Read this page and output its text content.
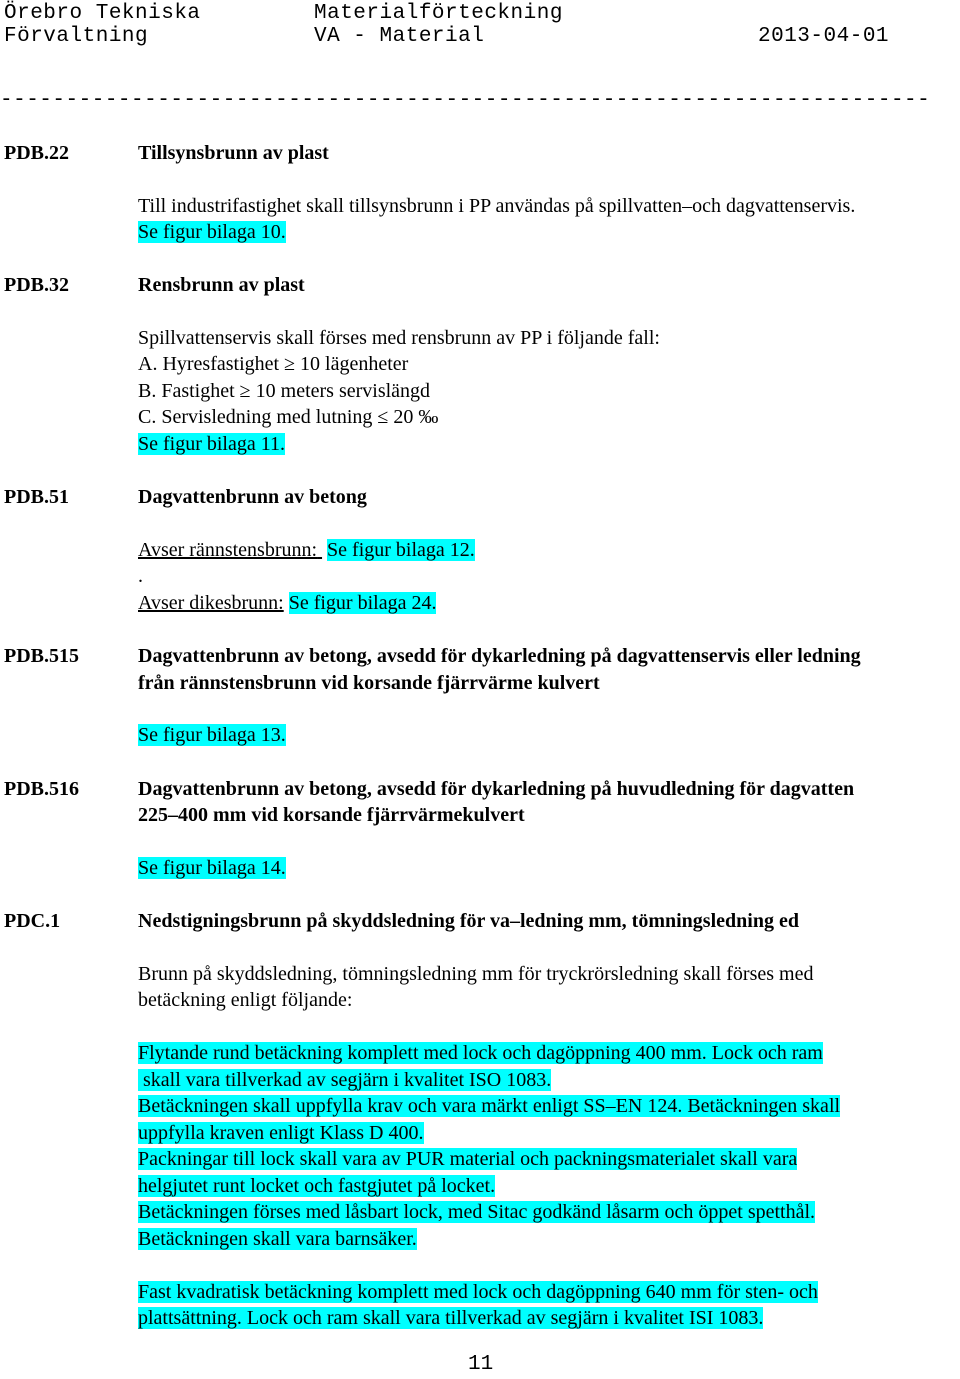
Örebro Tekniska
Förvaltning
Materialförteckning
VA - Material	2013-04-01
-----------------------------------------------------------------------
PDB.22	Tillsynsbrunn av plast
Till industrifastighet skall tillsynsbrunn i PP användas på spillvatten–och dagvattenservis.
Se figur bilaga 10.
PDB.32	Rensbrunn av plast
Spillvattenservis skall förses med rensbrunn av PP i följande fall:
A. Hyresfastighet ≥ 10 lägenheter
B. Fastighet ≥ 10 meters servislängd
C. Servisledning med lutning ≤ 20 ‰
Se figur bilaga 11.
PDB.51	Dagvattenbrunn av betong
Avser rännstensbrunn: Se figur bilaga 12.
.
Avser dikesbrunn: Se figur bilaga 24.
PDB.515	Dagvattenbrunn av betong, avsedd för dykarledning på dagvattenservis eller ledning
från rännstensbrunn vid korsande fjärrvärme kulvert
Se figur bilaga 13.
PDB.516	Dagvattenbrunn av betong, avsedd för dykarledning på huvudledning för dagvatten
225–400 mm vid korsande fjärrvärmekulvert
Se figur bilaga 14.
PDC.1	Nedstigningsbrunn på skyddsledning för va–ledning mm, tömningsledning ed
Brunn på skyddsledning, tömningsledning mm för tryckrörsledning skall förses med
betäckning enligt följande:
Flytande rund betäckning komplett med lock och dagöppning 400 mm. Lock och ram
skall vara tillverkad av segjärn i kvalitet ISO 1083.
Betäckningen skall uppfylla krav och vara märkt enligt SS–EN 124. Betäckningen skall
uppfylla kraven enligt Klass D 400.
Packningar till lock skall vara av PUR material och packningsmaterialet skall vara
helgjutet runt locket och fastgjutet på locket.
Betäckningen förses med låsbart lock, med Sitac godkänd låsarm och öppet spetthål.
Betäckningen skall vara barnsäker.
Fast kvadratisk betäckning komplett med lock och dagöppning 640 mm för sten- och
plattsättning. Lock och ram skall vara tillverkad av segjärn i kvalitet ISI 1083.
11
